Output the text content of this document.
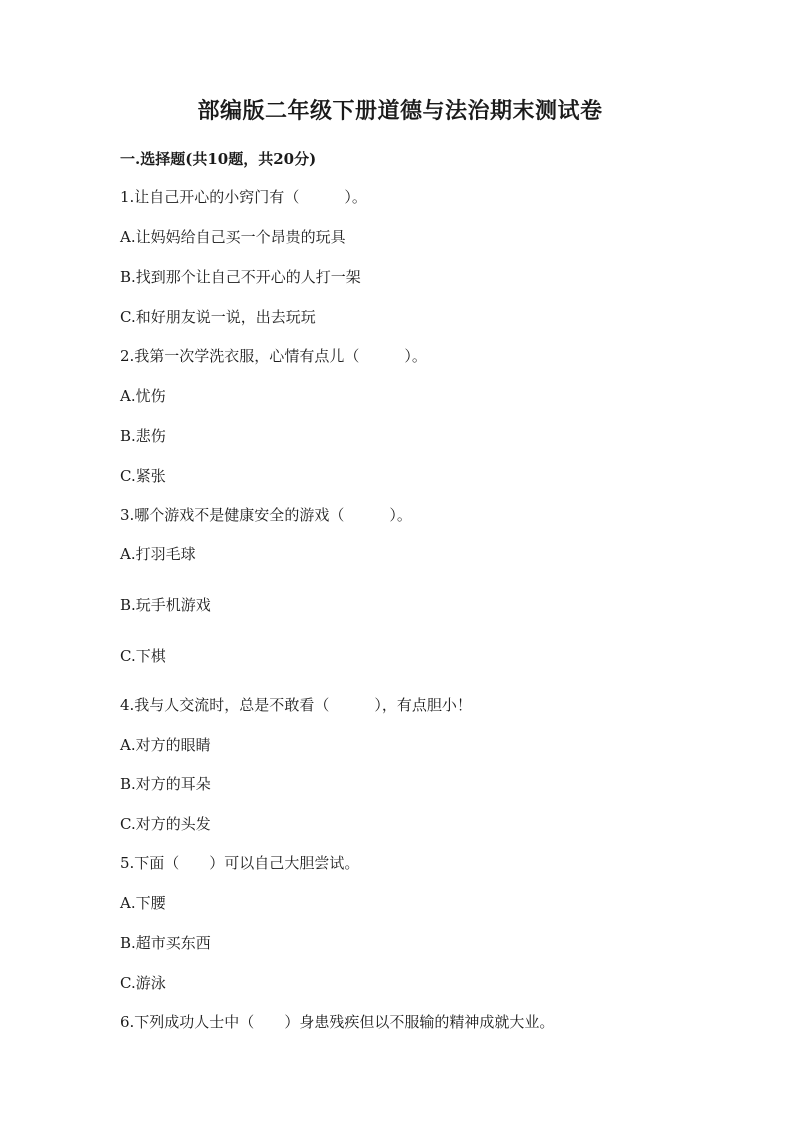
部编版二年级下册道德与法治期末测试卷
一.选择题(共10题，共20分)
1.让自己开心的小窍门有（　　　）。
A.让妈妈给自己买一个昂贵的玩具
B.找到那个让自己不开心的人打一架
C.和好朋友说一说，出去玩玩
2.我第一次学洗衣服，心情有点儿（　　　）。
A.忧伤
B.悲伤
C.紧张
3.哪个游戏不是健康安全的游戏（　　　）。
A.打羽毛球
B.玩手机游戏
C.下棋
4.我与人交流时，总是不敢看（　　　），有点胆小！
A.对方的眼睛
B.对方的耳朵
C.对方的头发
5.下面（　　）可以自己大胆尝试。
A.下腰
B.超市买东西
C.游泳
6.下列成功人士中（　　）身患残疾但以不服输的精神成就大业。
